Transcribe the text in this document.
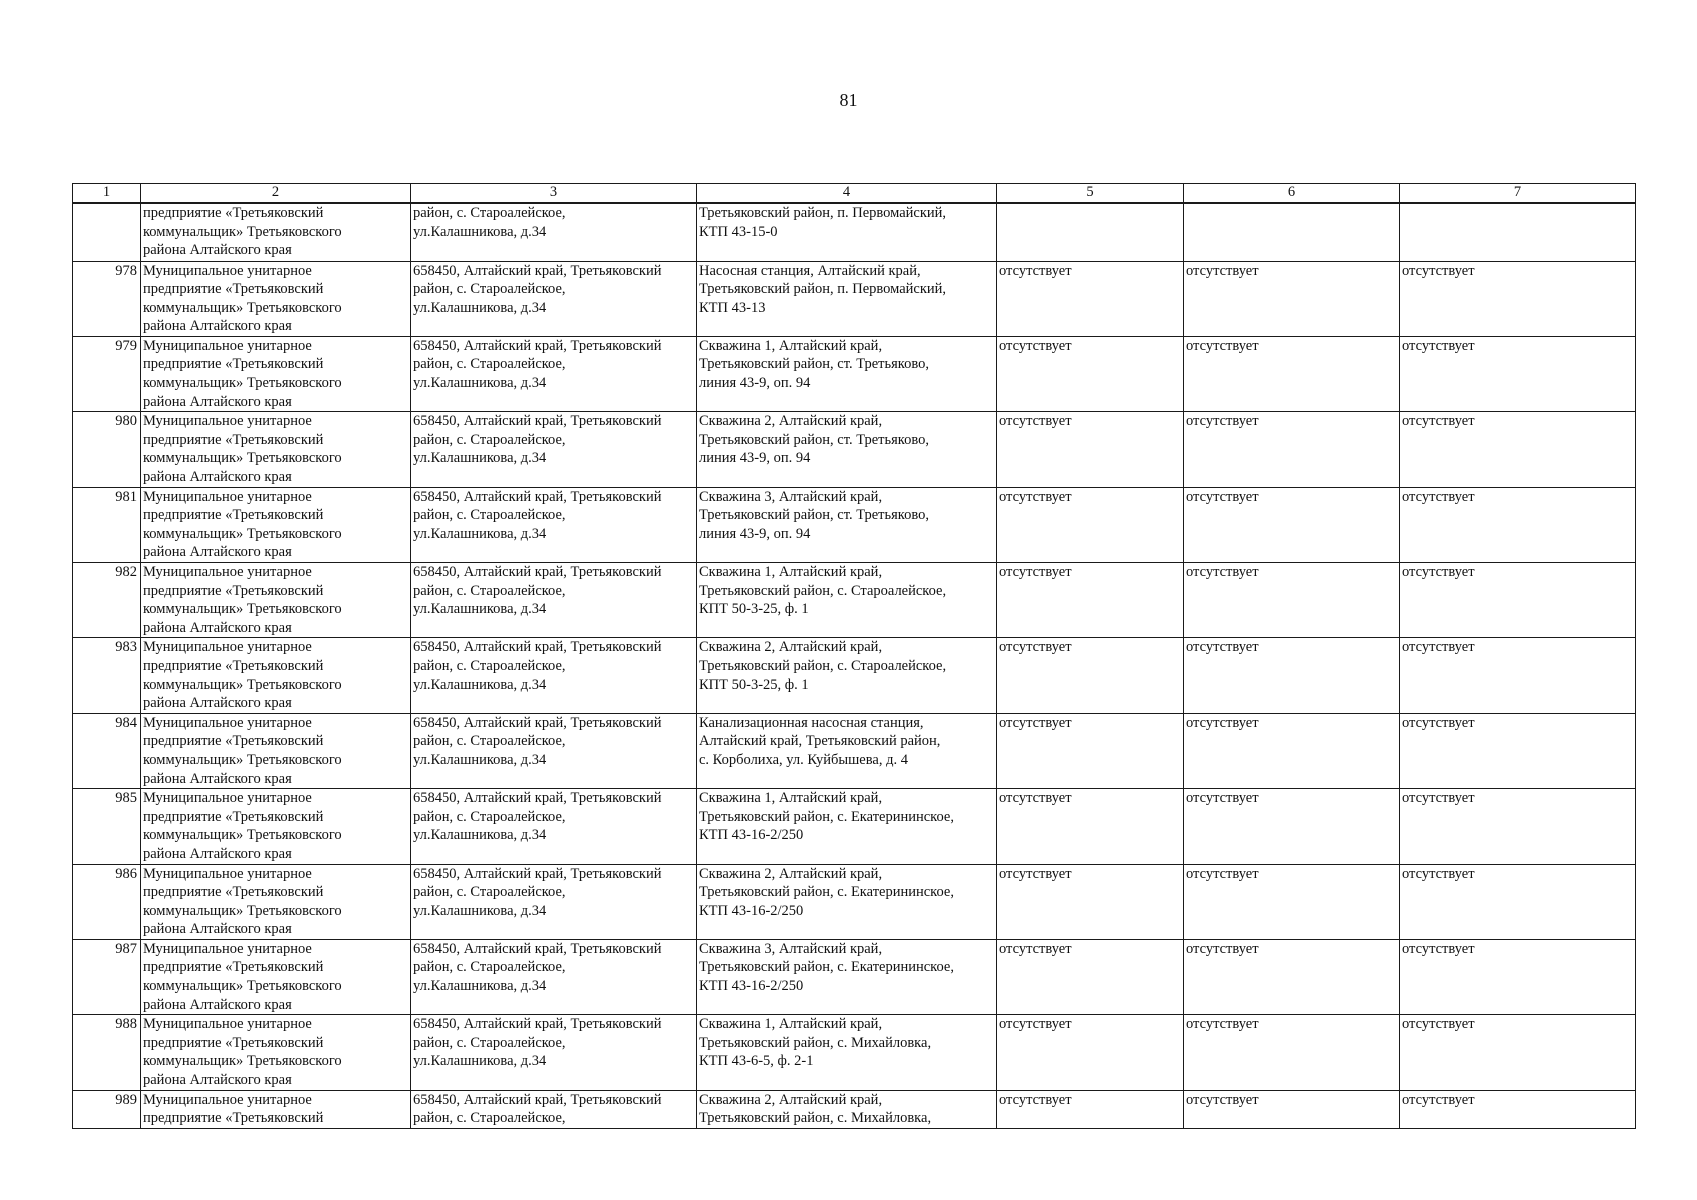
81
1	2	3	4	5	6	7

	предприятие «Третьяковский
коммунальщик» Третьяковского
района Алтайского края	район, с. Староалейское,
ул.Калашникова, д.34	Третьяковский район, п. Первомайский,
КТП 43-15-0			

978	Муниципальное унитарное
предприятие «Третьяковский
коммунальщик» Третьяковского
района Алтайского края	658450, Алтайский край, Третьяковский
район, с. Староалейское,
ул.Калашникова, д.34	Насосная станция, Алтайский край,
Третьяковский район, п. Первомайский,
КТП 43-13	отсутствует	отсутствует	отсутствует
979	Муниципальное унитарное
предприятие «Третьяковский
коммунальщик» Третьяковского
района Алтайского края	658450, Алтайский край, Третьяковский
район, с. Староалейское,
ул.Калашникова, д.34	Скважина 1, Алтайский край,
Третьяковский район, ст. Третьяково,
линия 43-9, оп. 94	отсутствует	отсутствует	отсутствует
980	Муниципальное унитарное
предприятие «Третьяковский
коммунальщик» Третьяковского
района Алтайского края	658450, Алтайский край, Третьяковский
район, с. Староалейское,
ул.Калашникова, д.34	Скважина 2, Алтайский край,
Третьяковский район, ст. Третьяково,
линия 43-9, оп. 94	отсутствует	отсутствует	отсутствует
981	Муниципальное унитарное
предприятие «Третьяковский
коммунальщик» Третьяковского
района Алтайского края	658450, Алтайский край, Третьяковский
район, с. Староалейское,
ул.Калашникова, д.34	Скважина 3, Алтайский край,
Третьяковский район, ст. Третьяково,
линия 43-9, оп. 94	отсутствует	отсутствует	отсутствует
982	Муниципальное унитарное
предприятие «Третьяковский
коммунальщик» Третьяковского
района Алтайского края	658450, Алтайский край, Третьяковский
район, с. Староалейское,
ул.Калашникова, д.34	Скважина 1, Алтайский край,
Третьяковский район, с. Староалейское,
КПТ 50-3-25, ф. 1	отсутствует	отсутствует	отсутствует
983	Муниципальное унитарное
предприятие «Третьяковский
коммунальщик» Третьяковского
района Алтайского края	658450, Алтайский край, Третьяковский
район, с. Староалейское,
ул.Калашникова, д.34	Скважина 2, Алтайский край,
Третьяковский район, с. Староалейское,
КПТ 50-3-25, ф. 1	отсутствует	отсутствует	отсутствует
984	Муниципальное унитарное
предприятие «Третьяковский
коммунальщик» Третьяковского
района Алтайского края	658450, Алтайский край, Третьяковский
район, с. Староалейское,
ул.Калашникова, д.34	Канализационная насосная станция,
Алтайский край, Третьяковский район,
с. Корболиха, ул. Куйбышева, д. 4	отсутствует	отсутствует	отсутствует
985	Муниципальное унитарное
предприятие «Третьяковский
коммунальщик» Третьяковского
района Алтайского края	658450, Алтайский край, Третьяковский
район, с. Староалейское,
ул.Калашникова, д.34	Скважина 1, Алтайский край,
Третьяковский район, с. Екатерининское,
КТП 43-16-2/250	отсутствует	отсутствует	отсутствует
986	Муниципальное унитарное
предприятие «Третьяковский
коммунальщик» Третьяковского
района Алтайского края	658450, Алтайский край, Третьяковский
район, с. Староалейское,
ул.Калашникова, д.34	Скважина 2, Алтайский край,
Третьяковский район, с. Екатерининское,
КТП 43-16-2/250	отсутствует	отсутствует	отсутствует
987	Муниципальное унитарное
предприятие «Третьяковский
коммунальщик» Третьяковского
района Алтайского края	658450, Алтайский край, Третьяковский
район, с. Староалейское,
ул.Калашникова, д.34	Скважина 3, Алтайский край,
Третьяковский район, с. Екатерининское,
КТП 43-16-2/250	отсутствует	отсутствует	отсутствует
988	Муниципальное унитарное
предприятие «Третьяковский
коммунальщик» Третьяковского
района Алтайского края	658450, Алтайский край, Третьяковский
район, с. Староалейское,
ул.Калашникова, д.34	Скважина 1, Алтайский край,
Третьяковский район, с. Михайловка,
КТП 43-6-5, ф. 2-1	отсутствует	отсутствует	отсутствует
989	Муниципальное унитарное
предприятие «Третьяковский	658450, Алтайский край, Третьяковский
район, с. Староалейское,	Скважина 2, Алтайский край,
Третьяковский район, с. Михайловка,	отсутствует	отсутствует	отсутствует
